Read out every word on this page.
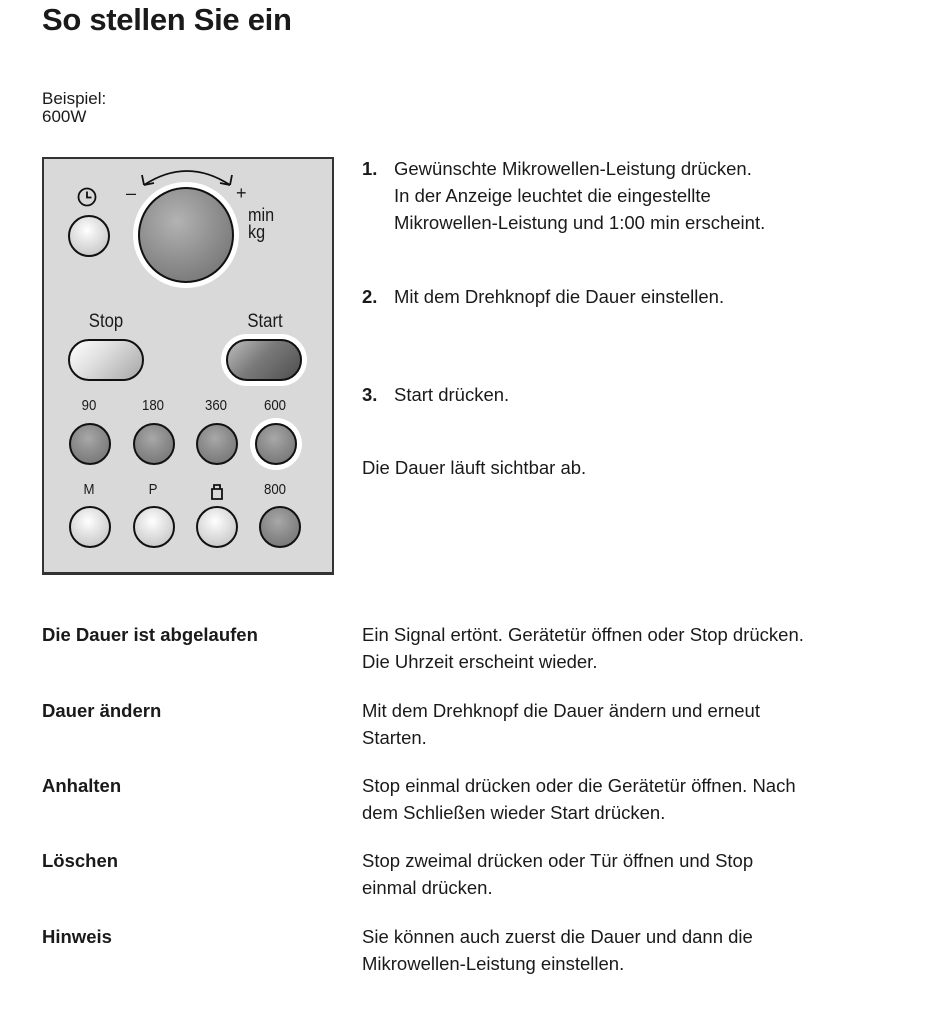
So stellen Sie ein
Beispiel:
600W
–	+
min
kg
Stop	Start
90	180	360	600
M	P	800
1. Gewünschte Mikrowellen-Leistung drücken.
In der Anzeige leuchtet die eingestellte
Mikrowellen-Leistung und 1:00 min erscheint.
2. Mit dem Drehknopf die Dauer einstellen.
3. Start drücken.
Die Dauer läuft sichtbar ab.
Die Dauer ist abgelaufen	Ein Signal ertönt. Gerätetür öffnen oder Stop drücken.
Die Uhrzeit erscheint wieder.
Dauer ändern	Mit dem Drehknopf die Dauer ändern und erneut
Starten.
Anhalten	Stop einmal drücken oder die Gerätetür öffnen. Nach
dem Schließen wieder Start drücken.
Löschen	Stop zweimal drücken oder Tür öffnen und Stop
einmal drücken.
Hinweis	Sie können auch zuerst die Dauer und dann die
Mikrowellen-Leistung einstellen.
